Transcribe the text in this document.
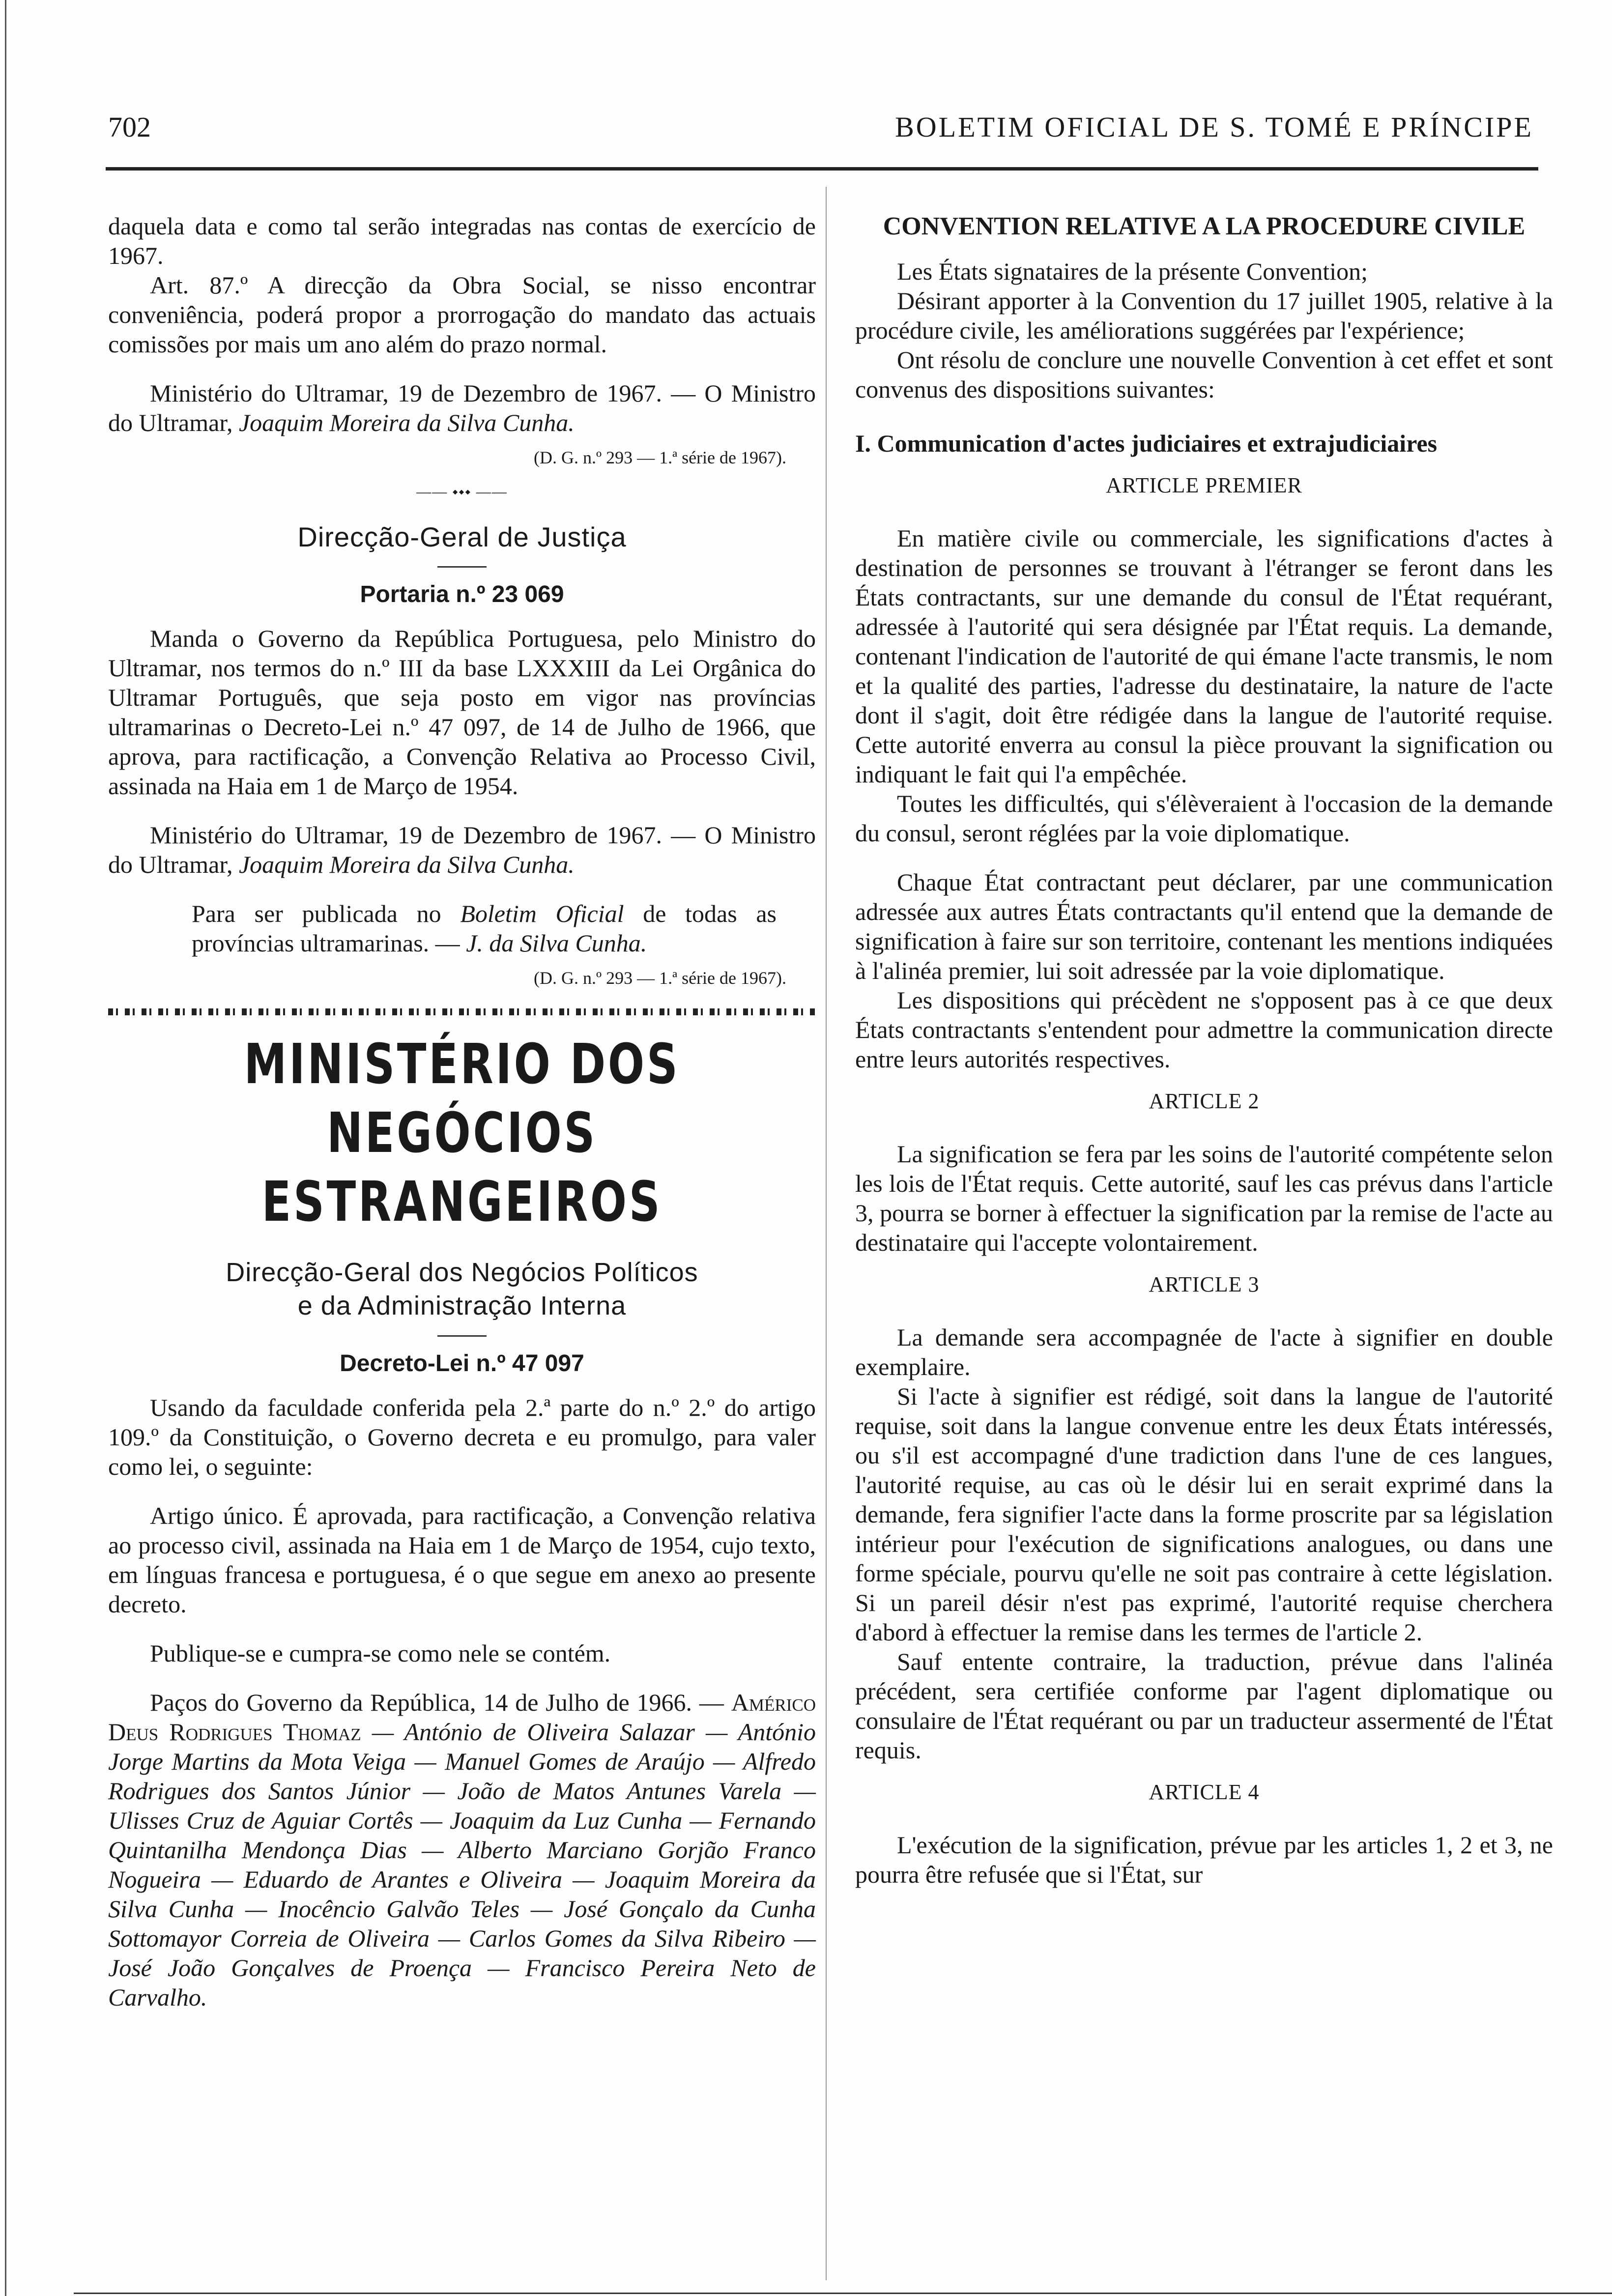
702	BOLETIM OFICIAL DE S. TOMÉ E PRÍNCIPE

daquela data e como tal serão integradas nas contas de exercício de 1967.

Art. 87.º A direcção da Obra Social, se nisso encontrar conveniência, poderá propor a prorrogação do mandato das actuais comissões por mais um ano além do prazo normal.

Ministério do Ultramar, 19 de Dezembro de 1967. — O Ministro do Ultramar, Joaquim Moreira da Silva Cunha.

(D. G. n.º 293 — 1.ª série de 1967).

—— ⬩⬩⬩ ——

Direcção-Geral de Justiça

Portaria n.º 23 069

Manda o Governo da República Portuguesa, pelo Ministro do Ultramar, nos termos do n.º III da base LXXXIII da Lei Orgânica do Ultramar Português, que seja posto em vigor nas províncias ultramarinas o Decreto-Lei n.º 47 097, de 14 de Julho de 1966, que aprova, para ractificação, a Convenção Relativa ao Processo Civil, assinada na Haia em 1 de Março de 1954.

Ministério do Ultramar, 19 de Dezembro de 1967. — O Ministro do Ultramar, Joaquim Moreira da Silva Cunha.

Para ser publicada no Boletim Oficial de todas as províncias ultramarinas. — J. da Silva Cunha.

(D. G. n.º 293 — 1.ª série de 1967).

MINISTÉRIO DOS NEGÓCIOS
ESTRANGEIROS
Direcção-Geral dos Negócios Políticos
e da Administração Interna

Decreto-Lei n.º 47 097

Usando da faculdade conferida pela 2.ª parte do n.º 2.º do artigo 109.º da Constituição, o Governo decreta e eu promulgo, para valer como lei, o seguinte:

Artigo único. É aprovada, para ractificação, a Convenção relativa ao processo civil, assinada na Haia em 1 de Março de 1954, cujo texto, em línguas francesa e portuguesa, é o que segue em anexo ao presente decreto.

Publique-se e cumpra-se como nele se contém.

Paços do Governo da República, 14 de Julho de 1966. — Américo Deus Rodrigues Thomaz — António de Oliveira Salazar — António Jorge Martins da Mota Veiga — Manuel Gomes de Araújo — Alfredo Rodrigues dos Santos Júnior — João de Matos Antunes Varela — Ulisses Cruz de Aguiar Cortês — Joaquim da Luz Cunha — Fernando Quintanilha Mendonça Dias — Alberto Marciano Gorjão Franco Nogueira — Eduardo de Arantes e Oliveira — Joaquim Moreira da Silva Cunha — Inocêncio Galvão Teles — José Gonçalo da Cunha Sottomayor Correia de Oliveira — Carlos Gomes da Silva Ribeiro — José João Gonçalves de Proença — Francisco Pereira Neto de Carvalho.

CONVENTION RELATIVE A LA PROCEDURE CIVILE

Les États signataires de la présente Convention;

Désirant apporter à la Convention du 17 juillet 1905, relative à la procédure civile, les améliorations suggérées par l'expérience;

Ont résolu de conclure une nouvelle Convention à cet effet et sont convenus des dispositions suivantes:

I. Communication d'actes judiciaires et extrajudiciaires

ARTICLE PREMIER

En matière civile ou commerciale, les significations d'actes à destination de personnes se trouvant à l'étranger se feront dans les États contractants, sur une demande du consul de l'État requérant, adressée à l'autorité qui sera désignée par l'État requis. La demande, contenant l'indication de l'autorité de qui émane l'acte transmis, le nom et la qualité des parties, l'adresse du destinataire, la nature de l'acte dont il s'agit, doit être rédigée dans la langue de l'autorité requise. Cette autorité enverra au consul la pièce prouvant la signification ou indiquant le fait qui l'a empêchée.

Toutes les difficultés, qui s'élèveraient à l'occasion de la demande du consul, seront réglées par la voie diplomatique.

Chaque État contractant peut déclarer, par une communication adressée aux autres États contractants qu'il entend que la demande de signification à faire sur son territoire, contenant les mentions indiquées à l'alinéa premier, lui soit adressée par la voie diplomatique.

Les dispositions qui précèdent ne s'opposent pas à ce que deux États contractants s'entendent pour admettre la communication directe entre leurs autorités respectives.

ARTICLE 2

La signification se fera par les soins de l'autorité compétente selon les lois de l'État requis. Cette autorité, sauf les cas prévus dans l'article 3, pourra se borner à effectuer la signification par la remise de l'acte au destinataire qui l'accepte volontairement.

ARTICLE 3

La demande sera accompagnée de l'acte à signifier en double exemplaire.

Si l'acte à signifier est rédigé, soit dans la langue de l'autorité requise, soit dans la langue convenue entre les deux États intéressés, ou s'il est accompagné d'une tradiction dans l'une de ces langues, l'autorité requise, au cas où le désir lui en serait exprimé dans la demande, fera signifier l'acte dans la forme proscrite par sa législation intérieur pour l'exécution de significations analogues, ou dans une forme spéciale, pourvu qu'elle ne soit pas contraire à cette législation. Si un pareil désir n'est pas exprimé, l'autorité requise cherchera d'abord à effectuer la remise dans les termes de l'article 2.

Sauf entente contraire, la traduction, prévue dans l'alinéa précédent, sera certifiée conforme par l'agent diplomatique ou consulaire de l'État requérant ou par un traducteur assermenté de l'État requis.

ARTICLE 4

L'exécution de la signification, prévue par les articles 1, 2 et 3, ne pourra être refusée que si l'État, sur
